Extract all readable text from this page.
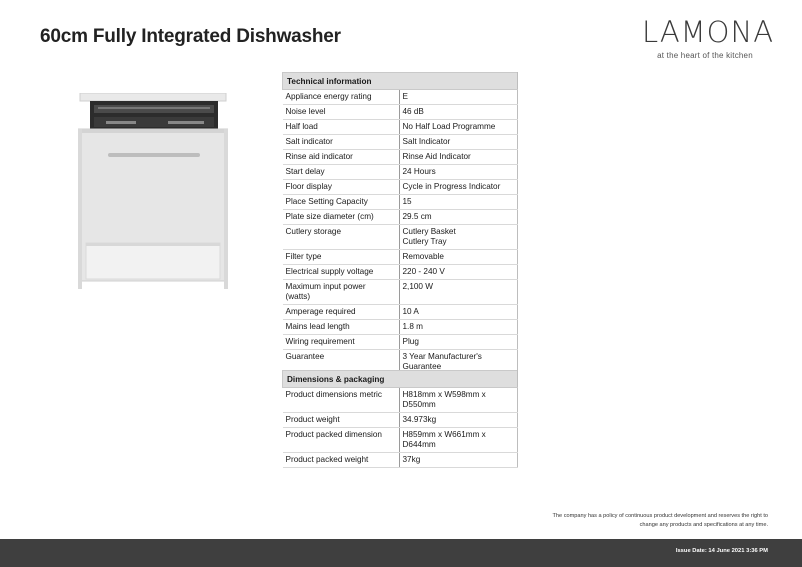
60cm Fully Integrated Dishwasher	LAMONA
at the heart of the kitchen
Technical information	
Appliance energy rating	E
Noise level	46 dB
Half load	No Half Load Programme
Salt indicator	Salt Indicator
Rinse aid indicator	Rinse Aid Indicator
Start delay	24 Hours
Floor display	Cycle in Progress Indicator
Place Setting Capacity	15
Plate size diameter (cm)	29.5 cm
Cutlery storage	Cutlery Basket
Cutlery Tray
Filter type	Removable
Electrical supply voltage	220 - 240 V
Maximum input power
(watts)	2,100 W
Amperage required	10 A
Mains lead length	1.8 m
Wiring requirement	Plug
Guarantee	3 Year Manufacturer's
Guarantee
Dimensions & packaging	
Product dimensions metric	H818mm x W598mm x
D550mm
Product weight	34.973kg
Product packed dimension	H859mm x W661mm x
D644mm
Product packed weight	37kg
The company has a policy of continuous product development and reserves the right to
change any products and specifications at any time.
Issue Date: 14 June 2021 3:36 PM
